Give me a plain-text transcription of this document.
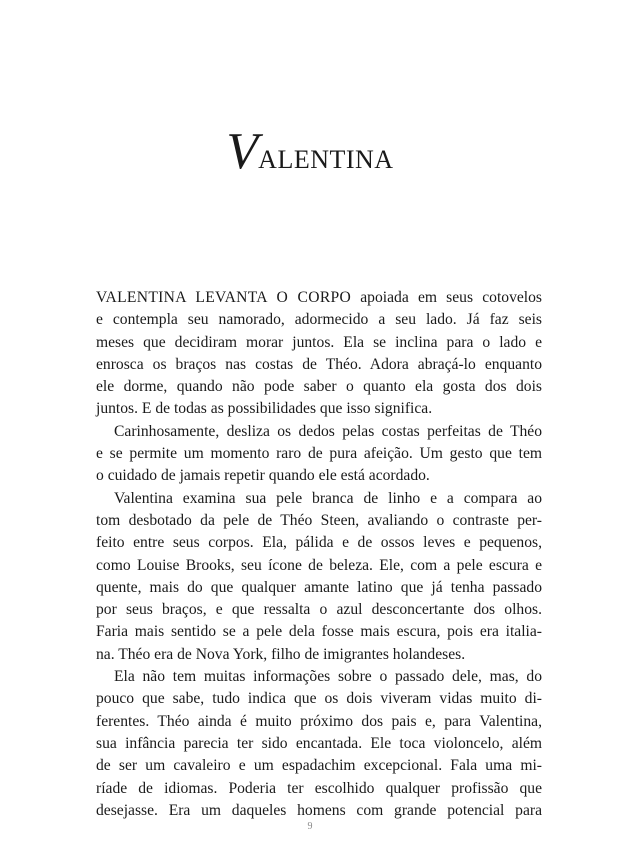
VALENTINA
VALENTINA LEVANTA O CORPO apoiada em seus cotovelos
e contempla seu namorado, adormecido a seu lado. Já faz seis
meses que decidiram morar juntos. Ela se inclina para o lado e
enrosca os braços nas costas de Théo. Adora abraçá-lo enquanto
ele dorme, quando não pode saber o quanto ela gosta dos dois
juntos. E de todas as possibilidades que isso significa.
Carinhosamente, desliza os dedos pelas costas perfeitas de Théo
e se permite um momento raro de pura afeição. Um gesto que tem
o cuidado de jamais repetir quando ele está acordado.
Valentina examina sua pele branca de linho e a compara ao
tom desbotado da pele de Théo Steen, avaliando o contraste per-
feito entre seus corpos. Ela, pálida e de ossos leves e pequenos,
como Louise Brooks, seu ícone de beleza. Ele, com a pele escura e
quente, mais do que qualquer amante latino que já tenha passado
por seus braços, e que ressalta o azul desconcertante dos olhos.
Faria mais sentido se a pele dela fosse mais escura, pois era italia-
na. Théo era de Nova York, filho de imigrantes holandeses.
Ela não tem muitas informações sobre o passado dele, mas, do
pouco que sabe, tudo indica que os dois viveram vidas muito di-
ferentes. Théo ainda é muito próximo dos pais e, para Valentina,
sua infância parecia ter sido encantada. Ele toca violoncelo, além
de ser um cavaleiro e um espadachim excepcional. Fala uma mi-
ríade de idiomas. Poderia ter escolhido qualquer profissão que
desejasse. Era um daqueles homens com grande potencial para
9
